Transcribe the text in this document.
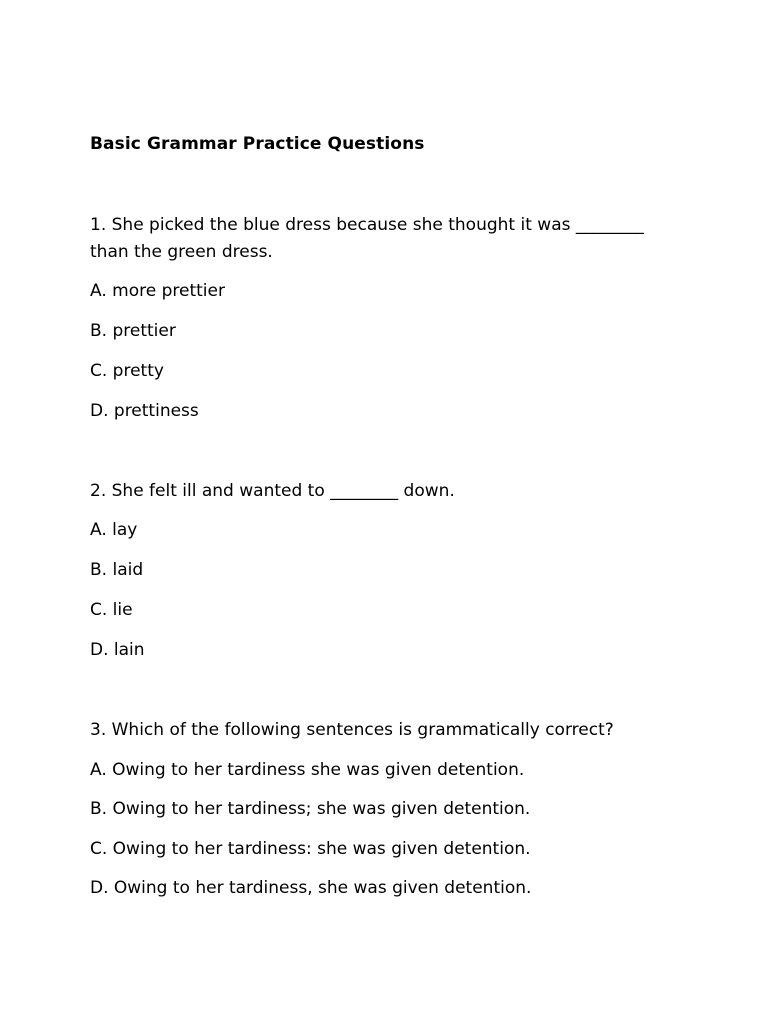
Basic Grammar Practice Questions
1. She picked the blue dress because she thought it was ________
than the green dress.
A. more prettier
B. prettier
C. pretty
D. prettiness
2. She felt ill and wanted to ________ down.
A. lay
B. laid
C. lie
D. lain
3. Which of the following sentences is grammatically correct?
A. Owing to her tardiness she was given detention.
B. Owing to her tardiness; she was given detention.
C. Owing to her tardiness: she was given detention.
D. Owing to her tardiness, she was given detention.
